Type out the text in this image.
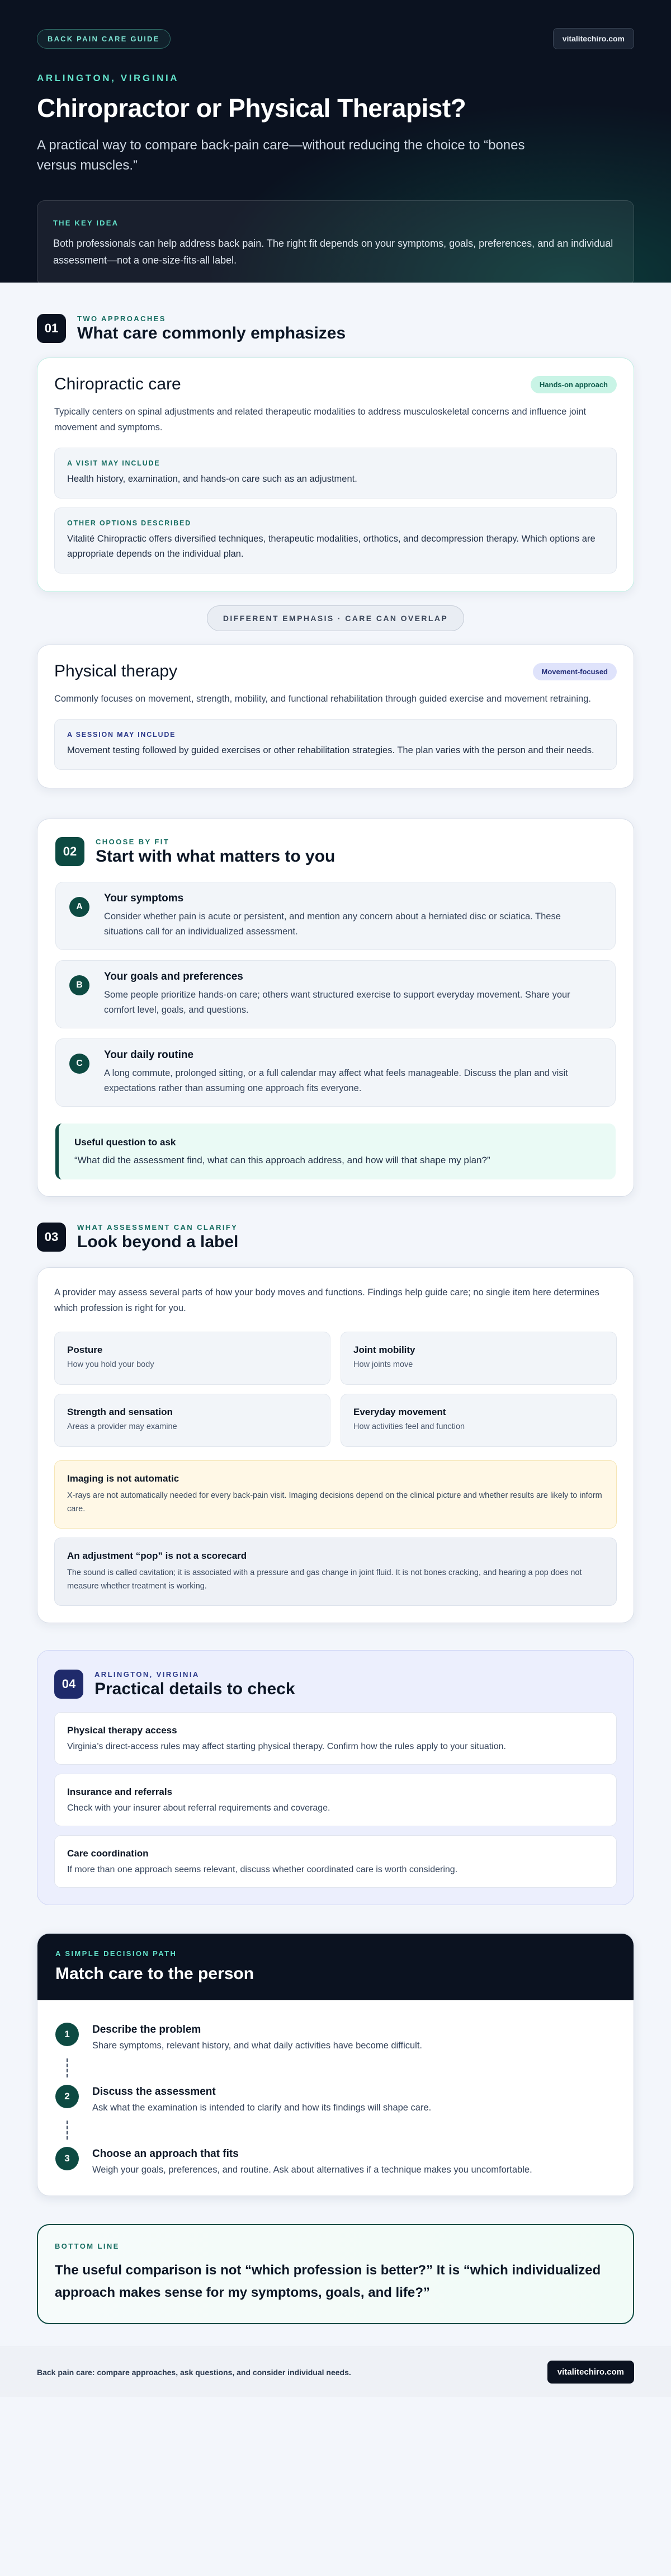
BACK PAIN CARE GUIDE	vitalitechiro.com
ARLINGTON, VIRGINIA
Chiropractor or Physical Therapist?

A practical way to compare back-pain care—without reducing the choice to “bones versus muscles.”

THE KEY IDEA
Both professionals can help address back pain. The right fit depends on your symptoms, goals, preferences, and an individual assessment—not a one-size-fits-all label.
01
TWO APPROACHES
What care commonly emphasizes
Chiropractic care	Hands-on approach

Typically centers on spinal adjustments and related therapeutic modalities to address musculoskeletal concerns and influence joint movement and symptoms.

A VISIT MAY INCLUDE
Health history, examination, and hands-on care such as an adjustment.
OTHER OPTIONS DESCRIBED
Vitalité Chiropractic offers diversified techniques, therapeutic modalities, orthotics, and decompression therapy. Which options are appropriate depends on the individual plan.
DIFFERENT EMPHASIS · CARE CAN OVERLAP
Physical therapy	Movement-focused

Commonly focuses on movement, strength, mobility, and functional rehabilitation through guided exercise and movement retraining.

A SESSION MAY INCLUDE
Movement testing followed by guided exercises or other rehabilitation strategies. The plan varies with the person and their needs.
02
CHOOSE BY FIT
Start with what matters to you
A
Your symptoms
Consider whether pain is acute or persistent, and mention any concern about a herniated disc or sciatica. These situations call for an individualized assessment.
B
Your goals and preferences
Some people prioritize hands-on care; others want structured exercise to support everyday movement. Share your comfort level, goals, and questions.
C
Your daily routine
A long commute, prolonged sitting, or a full calendar may affect what feels manageable. Discuss the plan and visit expectations rather than assuming one approach fits everyone.
Useful question to ask
“What did the assessment find, what can this approach address, and how will that shape my plan?”
03
WHAT ASSESSMENT CAN CLARIFY
Look beyond a label

A provider may assess several parts of how your body moves and functions. Findings help guide care; no single item here determines which profession is right for you.

Posture
How you hold your body
Joint mobility
How joints move
Strength and sensation
Areas a provider may examine
Everyday movement
How activities feel and function
Imaging is not automatic
X-rays are not automatically needed for every back-pain visit. Imaging decisions depend on the clinical picture and whether results are likely to inform care.
An adjustment “pop” is not a scorecard
The sound is called cavitation; it is associated with a pressure and gas change in joint fluid. It is not bones cracking, and hearing a pop does not measure whether treatment is working.
04
ARLINGTON, VIRGINIA
Practical details to check
Physical therapy access
Virginia’s direct-access rules may affect starting physical therapy. Confirm how the rules apply to your situation.
Insurance and referrals
Check with your insurer about referral requirements and coverage.
Care coordination
If more than one approach seems relevant, discuss whether coordinated care is worth considering.
A SIMPLE DECISION PATH
Match care to the person
1	Describe the problem
Share symptoms, relevant history, and what daily activities have become difficult.
2	Discuss the assessment
Ask what the examination is intended to clarify and how its findings will shape care.
3	Choose an approach that fits
Weigh your goals, preferences, and routine. Ask about alternatives if a technique makes you uncomfortable.
BOTTOM LINE
The useful comparison is not “which profession is better?” It is “which individualized approach makes sense for my symptoms, goals, and life?”
Back pain care: compare approaches, ask questions, and consider individual needs.	vitalitechiro.com
